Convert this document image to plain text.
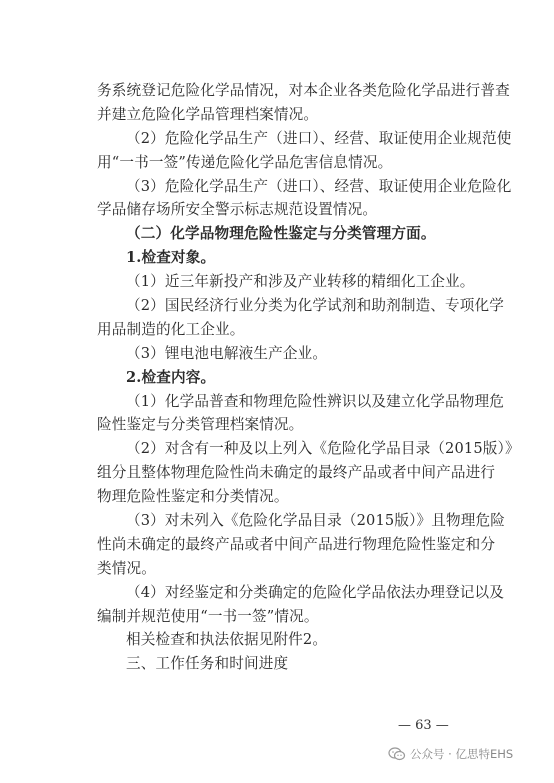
务系统登记危险化学品情况，对本企业各类危险化学品进行普查
并建立危险化学品管理档案情况。
（2）危险化学品生产（进口）、经营、取证使用企业规范使
用“一书一签”传递危险化学品危害信息情况。
（3）危险化学品生产（进口）、经营、取证使用企业危险化
学品储存场所安全警示标志规范设置情况。
（二）化学品物理危险性鉴定与分类管理方面。
1.检查对象。
（1）近三年新投产和涉及产业转移的精细化工企业。
（2）国民经济行业分类为化学试剂和助剂制造、专项化学
用品制造的化工企业。
（3）锂电池电解液生产企业。
2.检查内容。
（1）化学品普查和物理危险性辨识以及建立化学品物理危
险性鉴定与分类管理档案情况。
（2）对含有一种及以上列入《危险化学品目录（2015版）》
组分且整体物理危险性尚未确定的最终产品或者中间产品进行
物理危险性鉴定和分类情况。
（3）对未列入《危险化学品目录（2015版）》且物理危险
性尚未确定的最终产品或者中间产品进行物理危险性鉴定和分
类情况。
（4）对经鉴定和分类确定的危险化学品依法办理登记以及
编制并规范使用“一书一签”情况。
相关检查和执法依据见附件2。
三、工作任务和时间进度
— 63 —
公众号 · 亿思特EHS
